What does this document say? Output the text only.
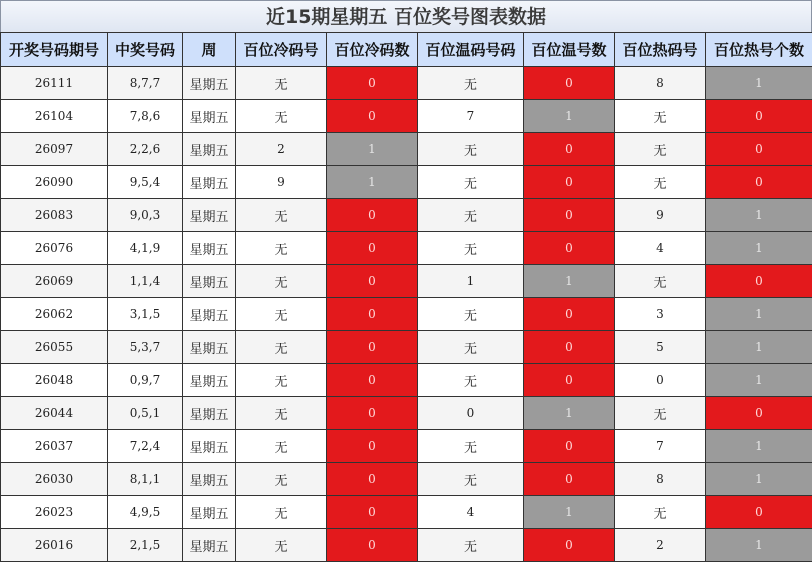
近15期星期五 百位奖号图表数据
开奖号码期号	中奖号码	周	百位冷码号	百位冷码数	百位温码号码	百位温号数	百位热码号	百位热号个数
26111	8,7,7	星期五	无	0	无	0	8	1
26104	7,8,6	星期五	无	0	7	1	无	0
26097	2,2,6	星期五	2	1	无	0	无	0
26090	9,5,4	星期五	9	1	无	0	无	0
26083	9,0,3	星期五	无	0	无	0	9	1
26076	4,1,9	星期五	无	0	无	0	4	1
26069	1,1,4	星期五	无	0	1	1	无	0
26062	3,1,5	星期五	无	0	无	0	3	1
26055	5,3,7	星期五	无	0	无	0	5	1
26048	0,9,7	星期五	无	0	无	0	0	1
26044	0,5,1	星期五	无	0	0	1	无	0
26037	7,2,4	星期五	无	0	无	0	7	1
26030	8,1,1	星期五	无	0	无	0	8	1
26023	4,9,5	星期五	无	0	4	1	无	0
26016	2,1,5	星期五	无	0	无	0	2	1
